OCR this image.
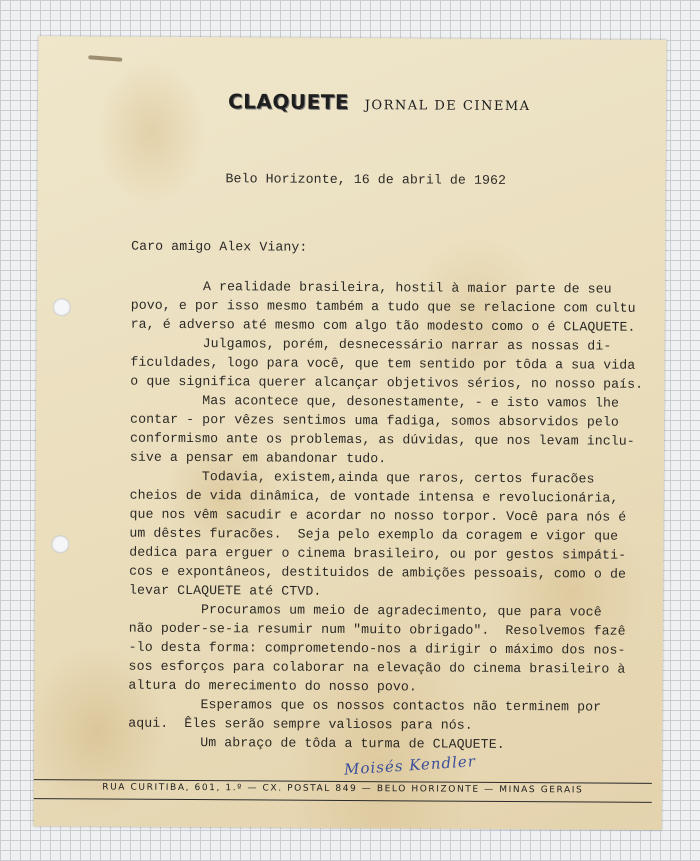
CLAQUETE JORNAL DE CINEMA
Belo Horizonte, 16 de abril de 1962
Caro amigo Alex Viany:
A realidade brasileira, hostil à maior parte de seu
povo, e por isso mesmo também a tudo que se relacione com cultu
ra, é adverso até mesmo com algo tão modesto como o é CLAQUETE.
Julgamos, porém, desnecessário narrar as nossas di-
ficuldades, logo para você, que tem sentido por tôda a sua vida
o que significa querer alcançar objetivos sérios, no nosso país.
Mas acontece que, desonestamente, - e isto vamos lhe
contar - por vêzes sentimos uma fadiga, somos absorvidos pelo
conformismo ante os problemas, as dúvidas, que nos levam inclu-
sive a pensar em abandonar tudo.
Todavia, existem,ainda que raros, certos furacões
cheios de vida dinâmica, de vontade intensa e revolucionária,
que nos vêm sacudir e acordar no nosso torpor. Você para nós é
um dêstes furacões.  Seja pelo exemplo da coragem e vigor que
dedica para erguer o cinema brasileiro, ou por gestos simpáti-
cos e expontâneos, destituidos de ambições pessoais, como o de
levar CLAQUETE até CTVD.
Procuramos um meio de agradecimento, que para você
não poder-se-ia resumir num "muito obrigado".  Resolvemos fazê
-lo desta forma: comprometendo-nos a dirigir o máximo dos nos-
sos esforços para colaborar na elevação do cinema brasileiro à
altura do merecimento do nosso povo.
Esperamos que os nossos contactos não terminem por
aqui.  Êles serão sempre valiosos para nós.
Um abraço de tôda a turma de CLAQUETE.
Moisés Kendler
RUA CURITIBA, 601, 1.º — CX. POSTAL 849 — BELO HORIZONTE — MINAS GERAIS
